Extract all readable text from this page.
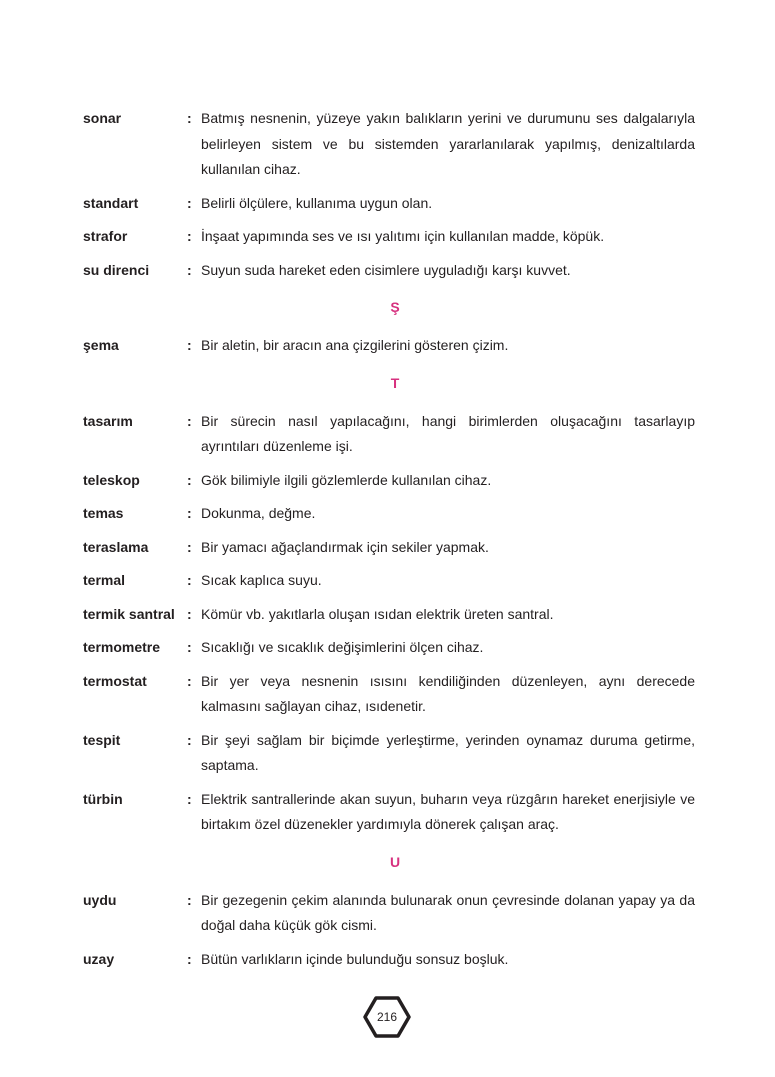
sonar	: Batmış nesnenin, yüzeye yakın balıkların yerini ve durumunu ses dalgalarıyla belirleyen sistem ve bu sistemden yararlanılarak yapılmış, denizaltılarda kullanılan cihaz.
standart	: Belirli ölçülere, kullanıma uygun olan.
strafor	: İnşaat yapımında ses ve ısı yalıtımı için kullanılan madde, köpük.
su direnci	: Suyun suda hareket eden cisimlere uyguladığı karşı kuvvet.
Ş
şema	: Bir aletin, bir aracın ana çizgilerini gösteren çizim.
T
tasarım	: Bir sürecin nasıl yapılacağını, hangi birimlerden oluşacağını tasarlayıp ayrıntıları düzenleme işi.
teleskop	: Gök bilimiyle ilgili gözlemlerde kullanılan cihaz.
temas	: Dokunma, değme.
teraslama	: Bir yamacı ağaçlandırmak için sekiler yapmak.
termal	: Sıcak kaplıca suyu.
termik santral : Kömür vb. yakıtlarla oluşan ısıdan elektrik üreten santral.
termometre	: Sıcaklığı ve sıcaklık değişimlerini ölçen cihaz.
termostat	: Bir yer veya nesnenin ısısını kendiliğinden düzenleyen, aynı derecede kalmasını sağlayan cihaz, ısıdenetir.
tespit	: Bir şeyi sağlam bir biçimde yerleştirme, yerinden oynamaz duruma getirme, saptama.
türbin	: Elektrik santrallerinde akan suyun, buharın veya rüzgârın hareket enerjisiyle ve birtakım özel düzenekler yardımıyla dönerek çalışan araç.
U
uydu	: Bir gezegenin çekim alanında bulunarak onun çevresinde dolanan yapay ya da doğal daha küçük gök cismi.
uzay	: Bütün varlıkların içinde bulunduğu sonsuz boşluk.
216
